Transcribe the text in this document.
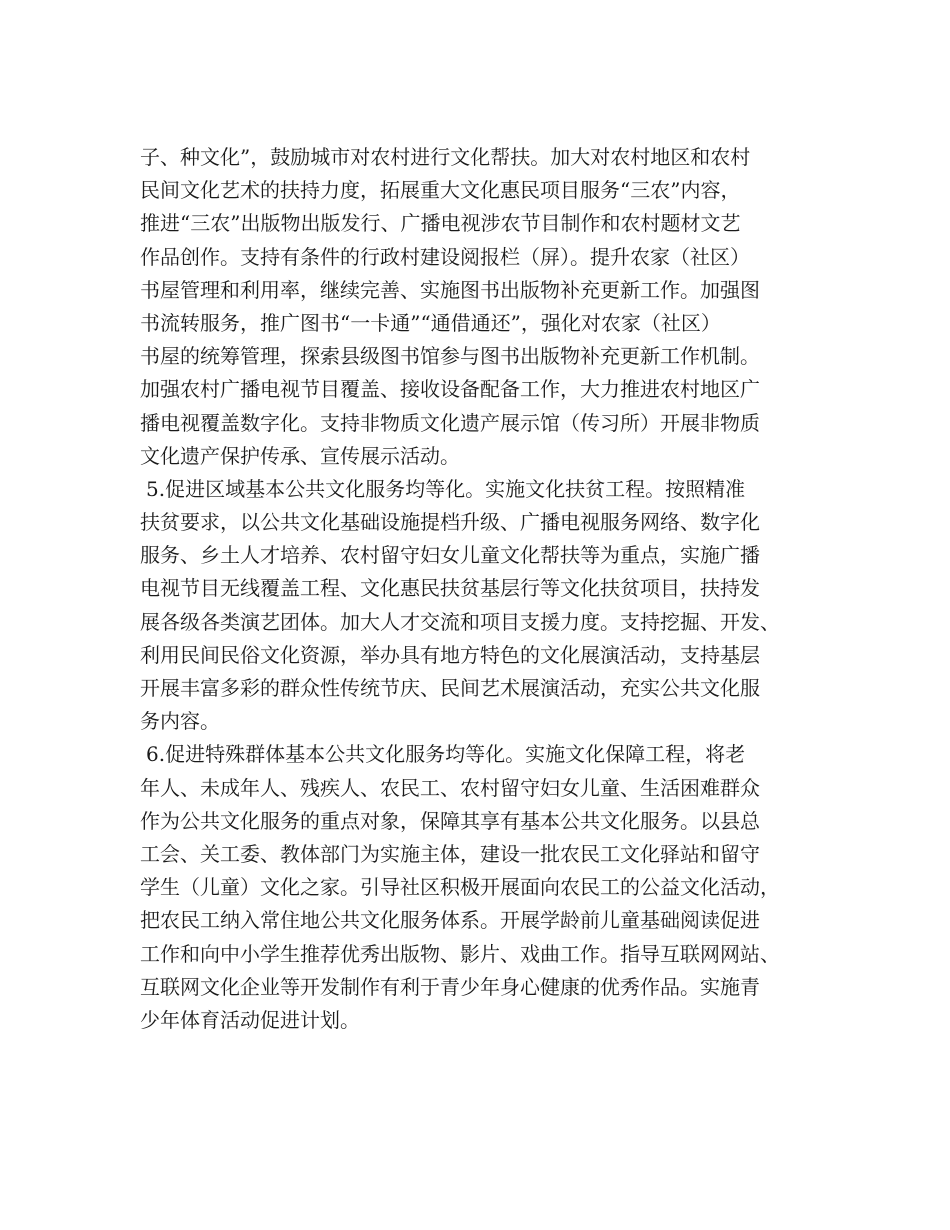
子、种文化”，鼓励城市对农村进行文化帮扶。加大对农村地区和农村
民间文化艺术的扶持力度，拓展重大文化惠民项目服务“三农”内容，
推进“三农”出版物出版发行、广播电视涉农节目制作和农村题材文艺
作品创作。支持有条件的行政村建设阅报栏（屏）。提升农家（社区）
书屋管理和利用率，继续完善、实施图书出版物补充更新工作。加强图
书流转服务，推广图书“一卡通”“通借通还”，强化对农家（社区）
书屋的统筹管理，探索县级图书馆参与图书出版物补充更新工作机制。
加强农村广播电视节目覆盖、接收设备配备工作，大力推进农村地区广
播电视覆盖数字化。支持非物质文化遗产展示馆（传习所）开展非物质
文化遗产保护传承、宣传展示活动。
5.促进区域基本公共文化服务均等化。实施文化扶贫工程。按照精准
扶贫要求，以公共文化基础设施提档升级、广播电视服务网络、数字化
服务、乡土人才培养、农村留守妇女儿童文化帮扶等为重点，实施广播
电视节目无线覆盖工程、文化惠民扶贫基层行等文化扶贫项目，扶持发
展各级各类演艺团体。加大人才交流和项目支援力度。支持挖掘、开发、
利用民间民俗文化资源，举办具有地方特色的文化展演活动，支持基层
开展丰富多彩的群众性传统节庆、民间艺术展演活动，充实公共文化服
务内容。
6.促进特殊群体基本公共文化服务均等化。实施文化保障工程，将老
年人、未成年人、残疾人、农民工、农村留守妇女儿童、生活困难群众
作为公共文化服务的重点对象，保障其享有基本公共文化服务。以县总
工会、关工委、教体部门为实施主体，建设一批农民工文化驿站和留守
学生（儿童）文化之家。引导社区积极开展面向农民工的公益文化活动，
把农民工纳入常住地公共文化服务体系。开展学龄前儿童基础阅读促进
工作和向中小学生推荐优秀出版物、影片、戏曲工作。指导互联网网站、
互联网文化企业等开发制作有利于青少年身心健康的优秀作品。实施青
少年体育活动促进计划。
